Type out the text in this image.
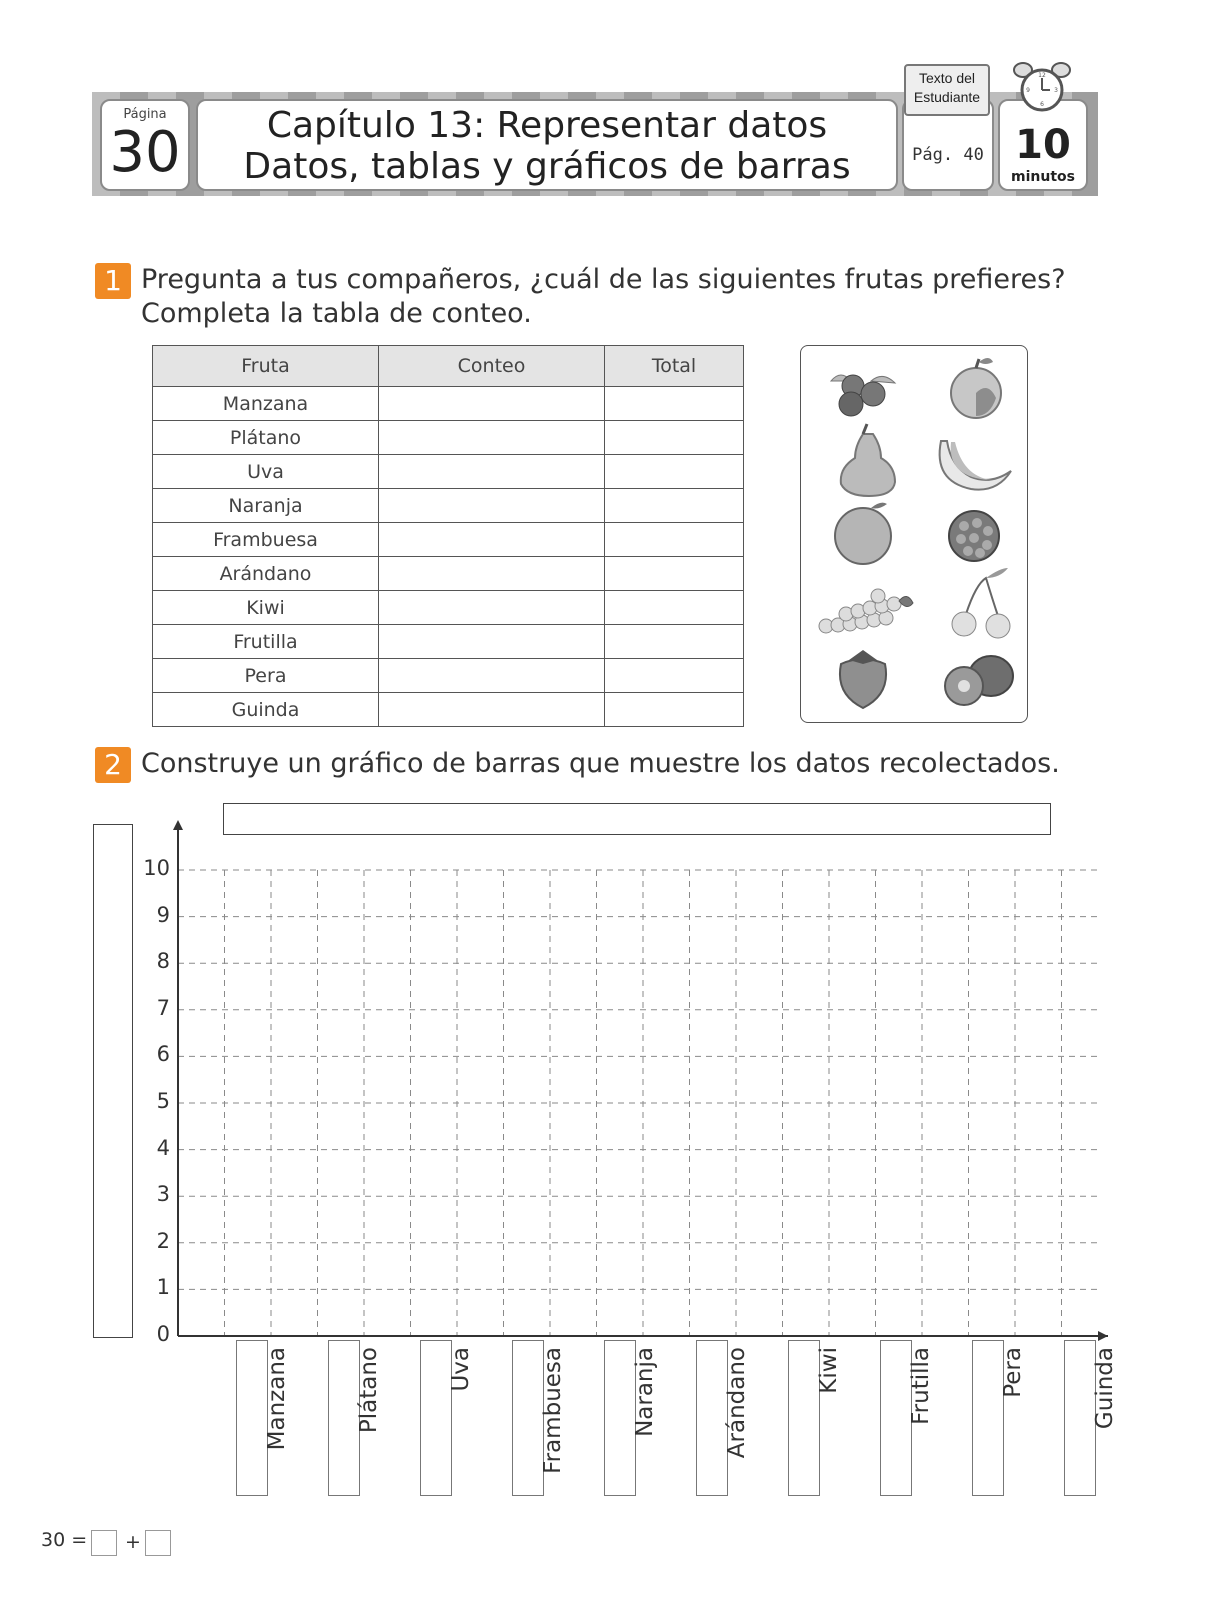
Página
30	Capítulo 13: Representar datos
Datos, tablas y gráficos de barras	Pág. 40
Texto del
Estudiante
10
minutos
12
3
9
6
1 Pregunta a tus compañeros, ¿cuál de las siguientes frutas prefieres?
Completa la tabla de conteo.
Fruta	Conteo	Total
Manzana		
Plátano		
Uva		
Naranja		
Frambuesa		
Arándano		
Kiwi		
Frutilla		
Pera		
Guinda		
2 Construye un gráfico de barras que muestre los datos recolectados.
0
1
2
3
4
5
6
7
8
9
10
Manzana	Plátano	Uva	Frambuesa	Naranja	Arándano	Kiwi	Frutilla	Pera	Guinda
30 = +
